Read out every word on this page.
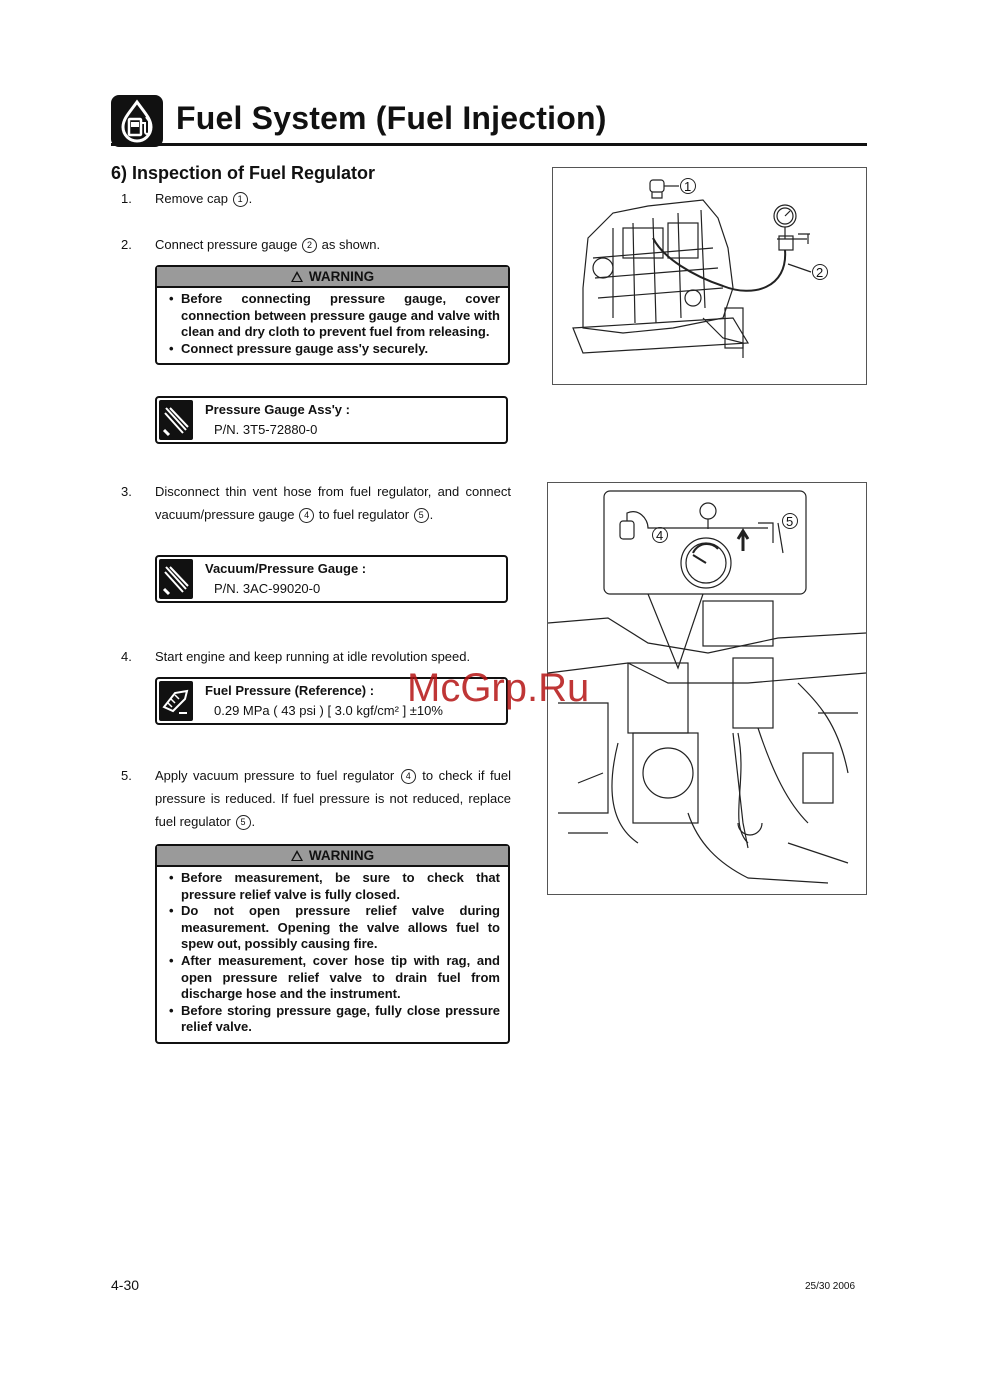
Fuel System (Fuel Injection)
6) Inspection of Fuel Regulator
1. Remove cap 1 .
2. Connect pressure gauge 2 as shown.
WARNING
• Before connecting pressure gauge, cover connection between pressure gauge and valve with clean and dry cloth to prevent fuel from releasing.
• Connect pressure gauge ass'y securely.
Pressure Gauge Ass'y :
P/N. 3T5-72880-0
3. Disconnect thin vent hose from fuel regulator, and connect vacuum/pressure gauge 4 to fuel regulator 5 .
Vacuum/Pressure Gauge :
P/N. 3AC-99020-0
4. Start engine and keep running at idle revolution speed.
Fuel Pressure (Reference) :
0.29 MPa ( 43 psi ) [ 3.0 kgf/cm² ] ±10%
5. Apply vacuum pressure to fuel regulator 4 to check if fuel pressure is reduced. If fuel pressure is not reduced, replace fuel regulator 5 .
WARNING
• Before measurement, be sure to check that pressure relief valve is fully closed.
• Do not open pressure relief valve during measurement. Opening the valve allows fuel to spew out, possibly causing fire.
• After measurement, cover hose tip with rag, and open pressure relief valve to drain fuel from discharge hose and the instrument.
• Before storing pressure gage, fully close pressure relief valve.
1
2
4
5
McGrp.Ru
4-30	25/30 2006
